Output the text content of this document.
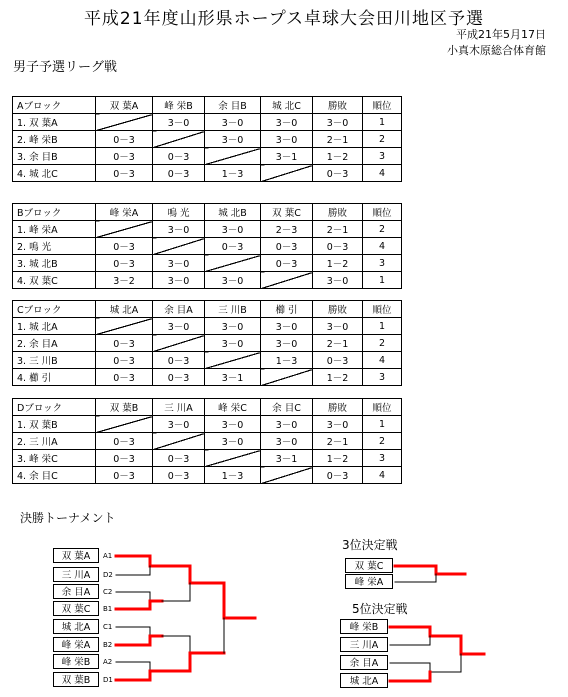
平成21年度山形県ホープス卓球大会田川地区予選
平成21年5月17日
小真木原総合体育館
男子予選リーグ戦
Aブロック	双 葉A	峰 栄B	余 目B	城 北C	勝敗	順位
1. 双 葉A		3－0	3－0	3－0	3－0	1
2. 峰 栄B	0－3		3－0	3－0	2－1	2
3. 余 目B	0－3	0－3		3－1	1－2	3
4. 城 北C	0－3	0－3	1－3		0－3	4
Bブロック	峰 栄A	鳴 光	城 北B	双 葉C	勝敗	順位
1. 峰 栄A		3－0	3－0	2－3	2－1	2
2. 鳴 光	0－3		0－3	0－3	0－3	4
3. 城 北B	0－3	3－0		0－3	1－2	3
4. 双 葉C	3－2	3－0	3－0		3－0	1
Cブロック	城 北A	余 目A	三 川B	櫛 引	勝敗	順位
1. 城 北A		3－0	3－0	3－0	3－0	1
2. 余 目A	0－3		3－0	3－0	2－1	2
3. 三 川B	0－3	0－3		1－3	0－3	4
4. 櫛 引	0－3	0－3	3－1		1－2	3
Dブロック	双 葉B	三 川A	峰 栄C	余 目C	勝敗	順位
1. 双 葉B		3－0	3－0	3－0	3－0	1
2. 三 川A	0－3		3－0	3－0	2－1	2
3. 峰 栄C	0－3	0－3		3－1	1－2	3
4. 余 目C	0－3	0－3	1－3		0－3	4
決勝トーナメント
双 葉A	A1
三 川A	D2
余 目A	C2
双 葉C	B1
城 北A	C1
峰 栄A	B2
峰 栄B	A2
双 葉B	D1
3位決定戦
双 葉C
峰 栄A
5位決定戦
峰 栄B
三 川A
余 目A
城 北A
